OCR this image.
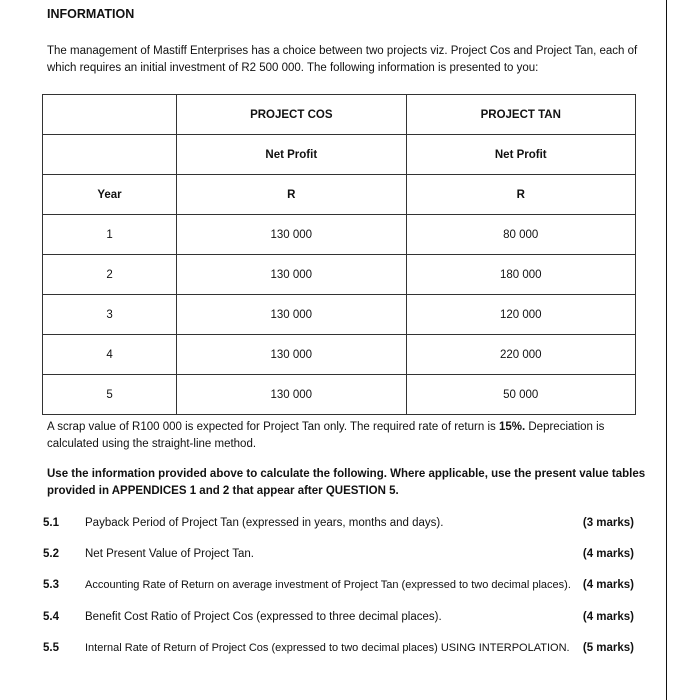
INFORMATION
The management of Mastiff Enterprises has a choice between two projects viz. Project Cos and Project Tan, each of which requires an initial investment of R2 500 000. The following information is presented to you:
	PROJECT COS	PROJECT TAN
	Net Profit	Net Profit
Year	R	R
1	130 000	80 000
2	130 000	180 000
3	130 000	120 000
4	130 000	220 000
5	130 000	50 000
A scrap value of R100 000 is expected for Project Tan only. The required rate of return is 15%. Depreciation is calculated using the straight-line method.
Use the information provided above to calculate the following. Where applicable, use the present value tables provided in APPENDICES 1 and 2 that appear after QUESTION 5.
5.1 Payback Period of Project Tan (expressed in years, months and days).	(3 marks)
5.2 Net Present Value of Project Tan.	(4 marks)
5.3 Accounting Rate of Return on average investment of Project Tan (expressed to two decimal places). (4 marks)
5.4 Benefit Cost Ratio of Project Cos (expressed to three decimal places).	(4 marks)
5.5 Internal Rate of Return of Project Cos (expressed to two decimal places) USING INTERPOLATION. (5 marks)
